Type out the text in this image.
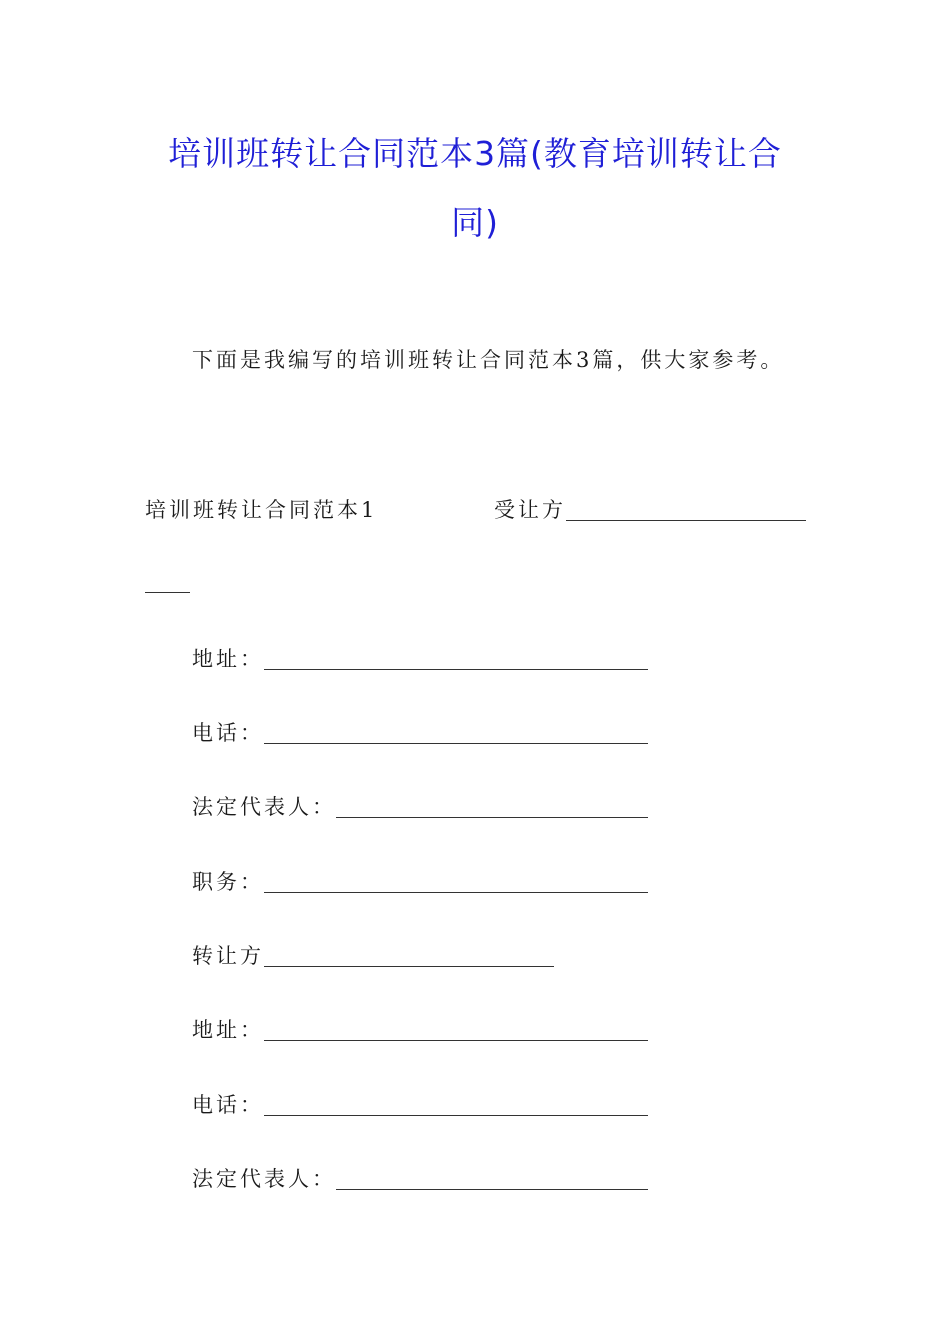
培训班转让合同范本3篇(教育培训转让合
同)

下面是我编写的培训班转让合同范本3篇，供大家参考。

培训班转让合同范本1	受让方
地址：
电话：
法定代表人：
职务：
转让方
地址：
电话：
法定代表人：
